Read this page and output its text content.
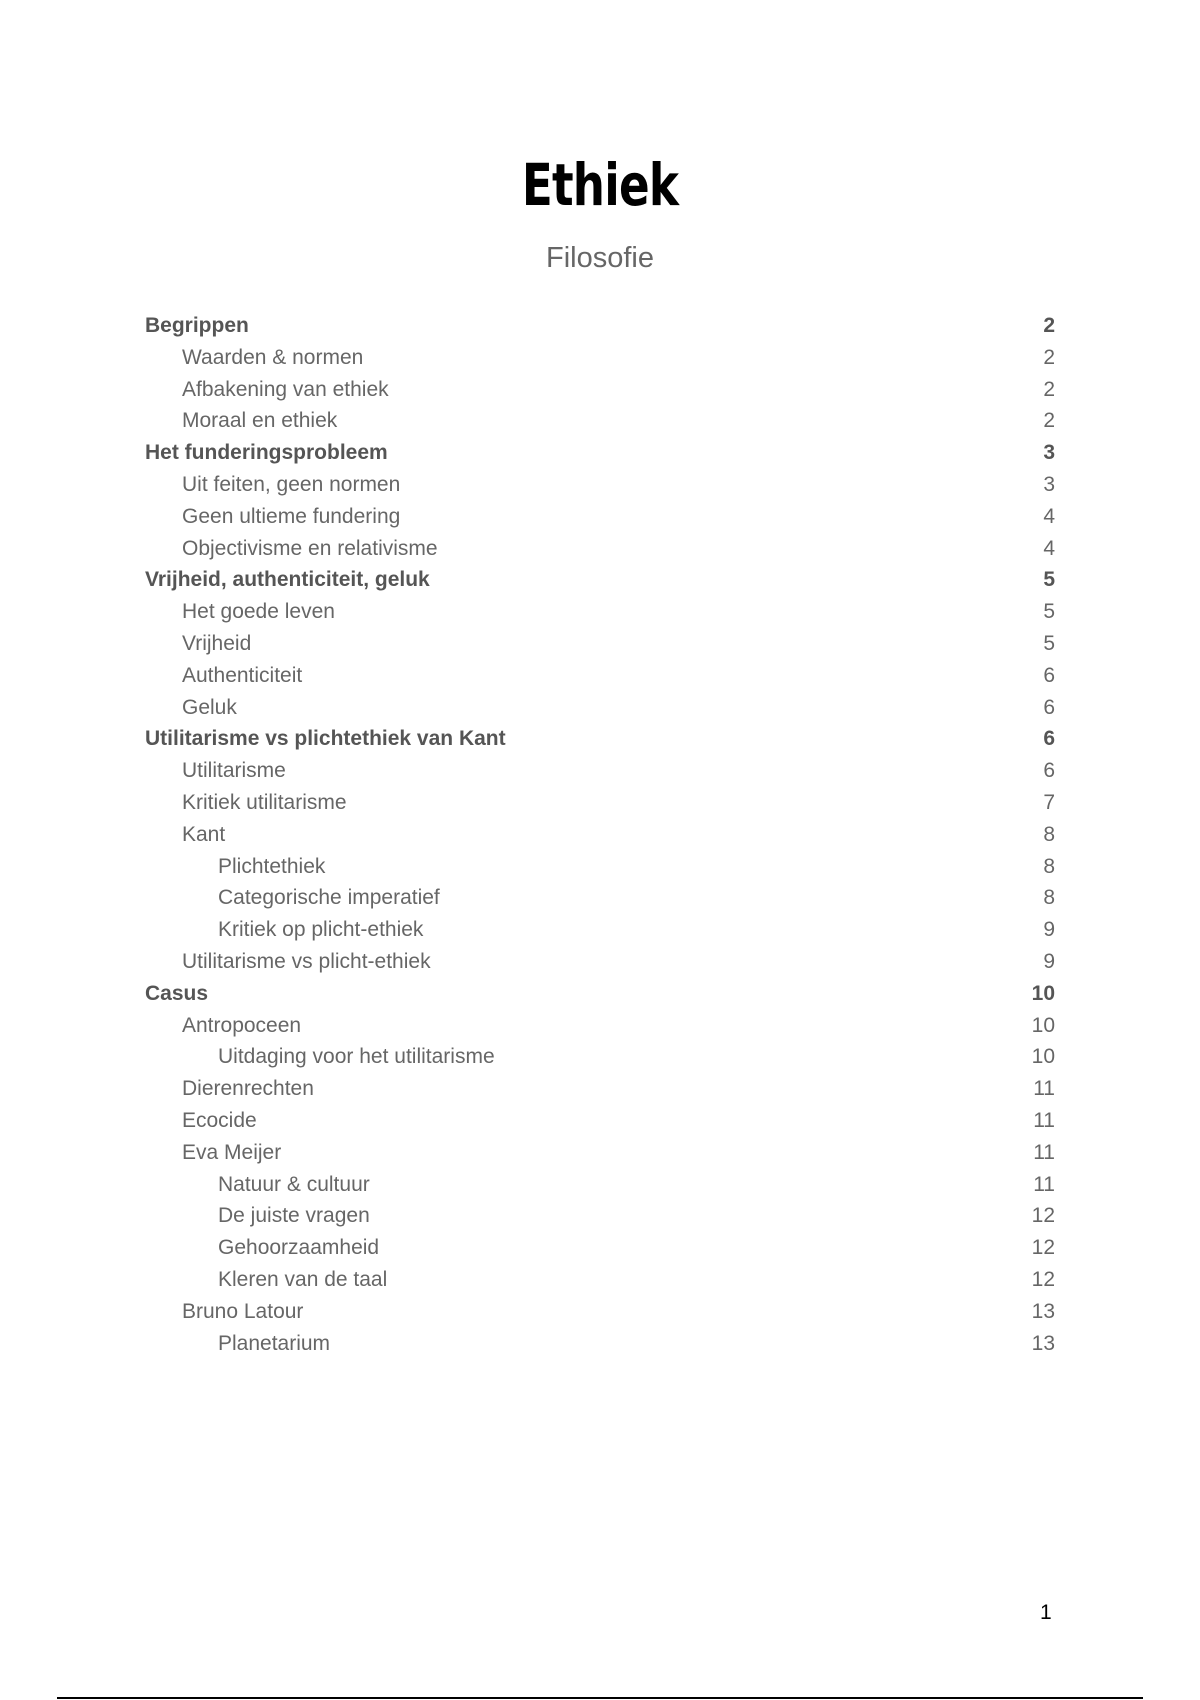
Ethiek
Filosofie
Begrippen	2
Waarden & normen	2
Afbakening van ethiek	2
Moraal en ethiek	2
Het funderingsprobleem	3
Uit feiten, geen normen	3
Geen ultieme fundering	4
Objectivisme en relativisme	4
Vrijheid, authenticiteit, geluk	5
Het goede leven	5
Vrijheid	5
Authenticiteit	6
Geluk	6
Utilitarisme vs plichtethiek van Kant	6
Utilitarisme	6
Kritiek utilitarisme	7
Kant	8
Plichtethiek	8
Categorische imperatief	8
Kritiek op plicht-ethiek	9
Utilitarisme vs plicht-ethiek	9
Casus	10
Antropoceen	10
Uitdaging voor het utilitarisme	10
Dierenrechten	11
Ecocide	11
Eva Meijer	11
Natuur & cultuur	11
De juiste vragen	12
Gehoorzaamheid	12
Kleren van de taal	12
Bruno Latour	13
Planetarium	13
1
